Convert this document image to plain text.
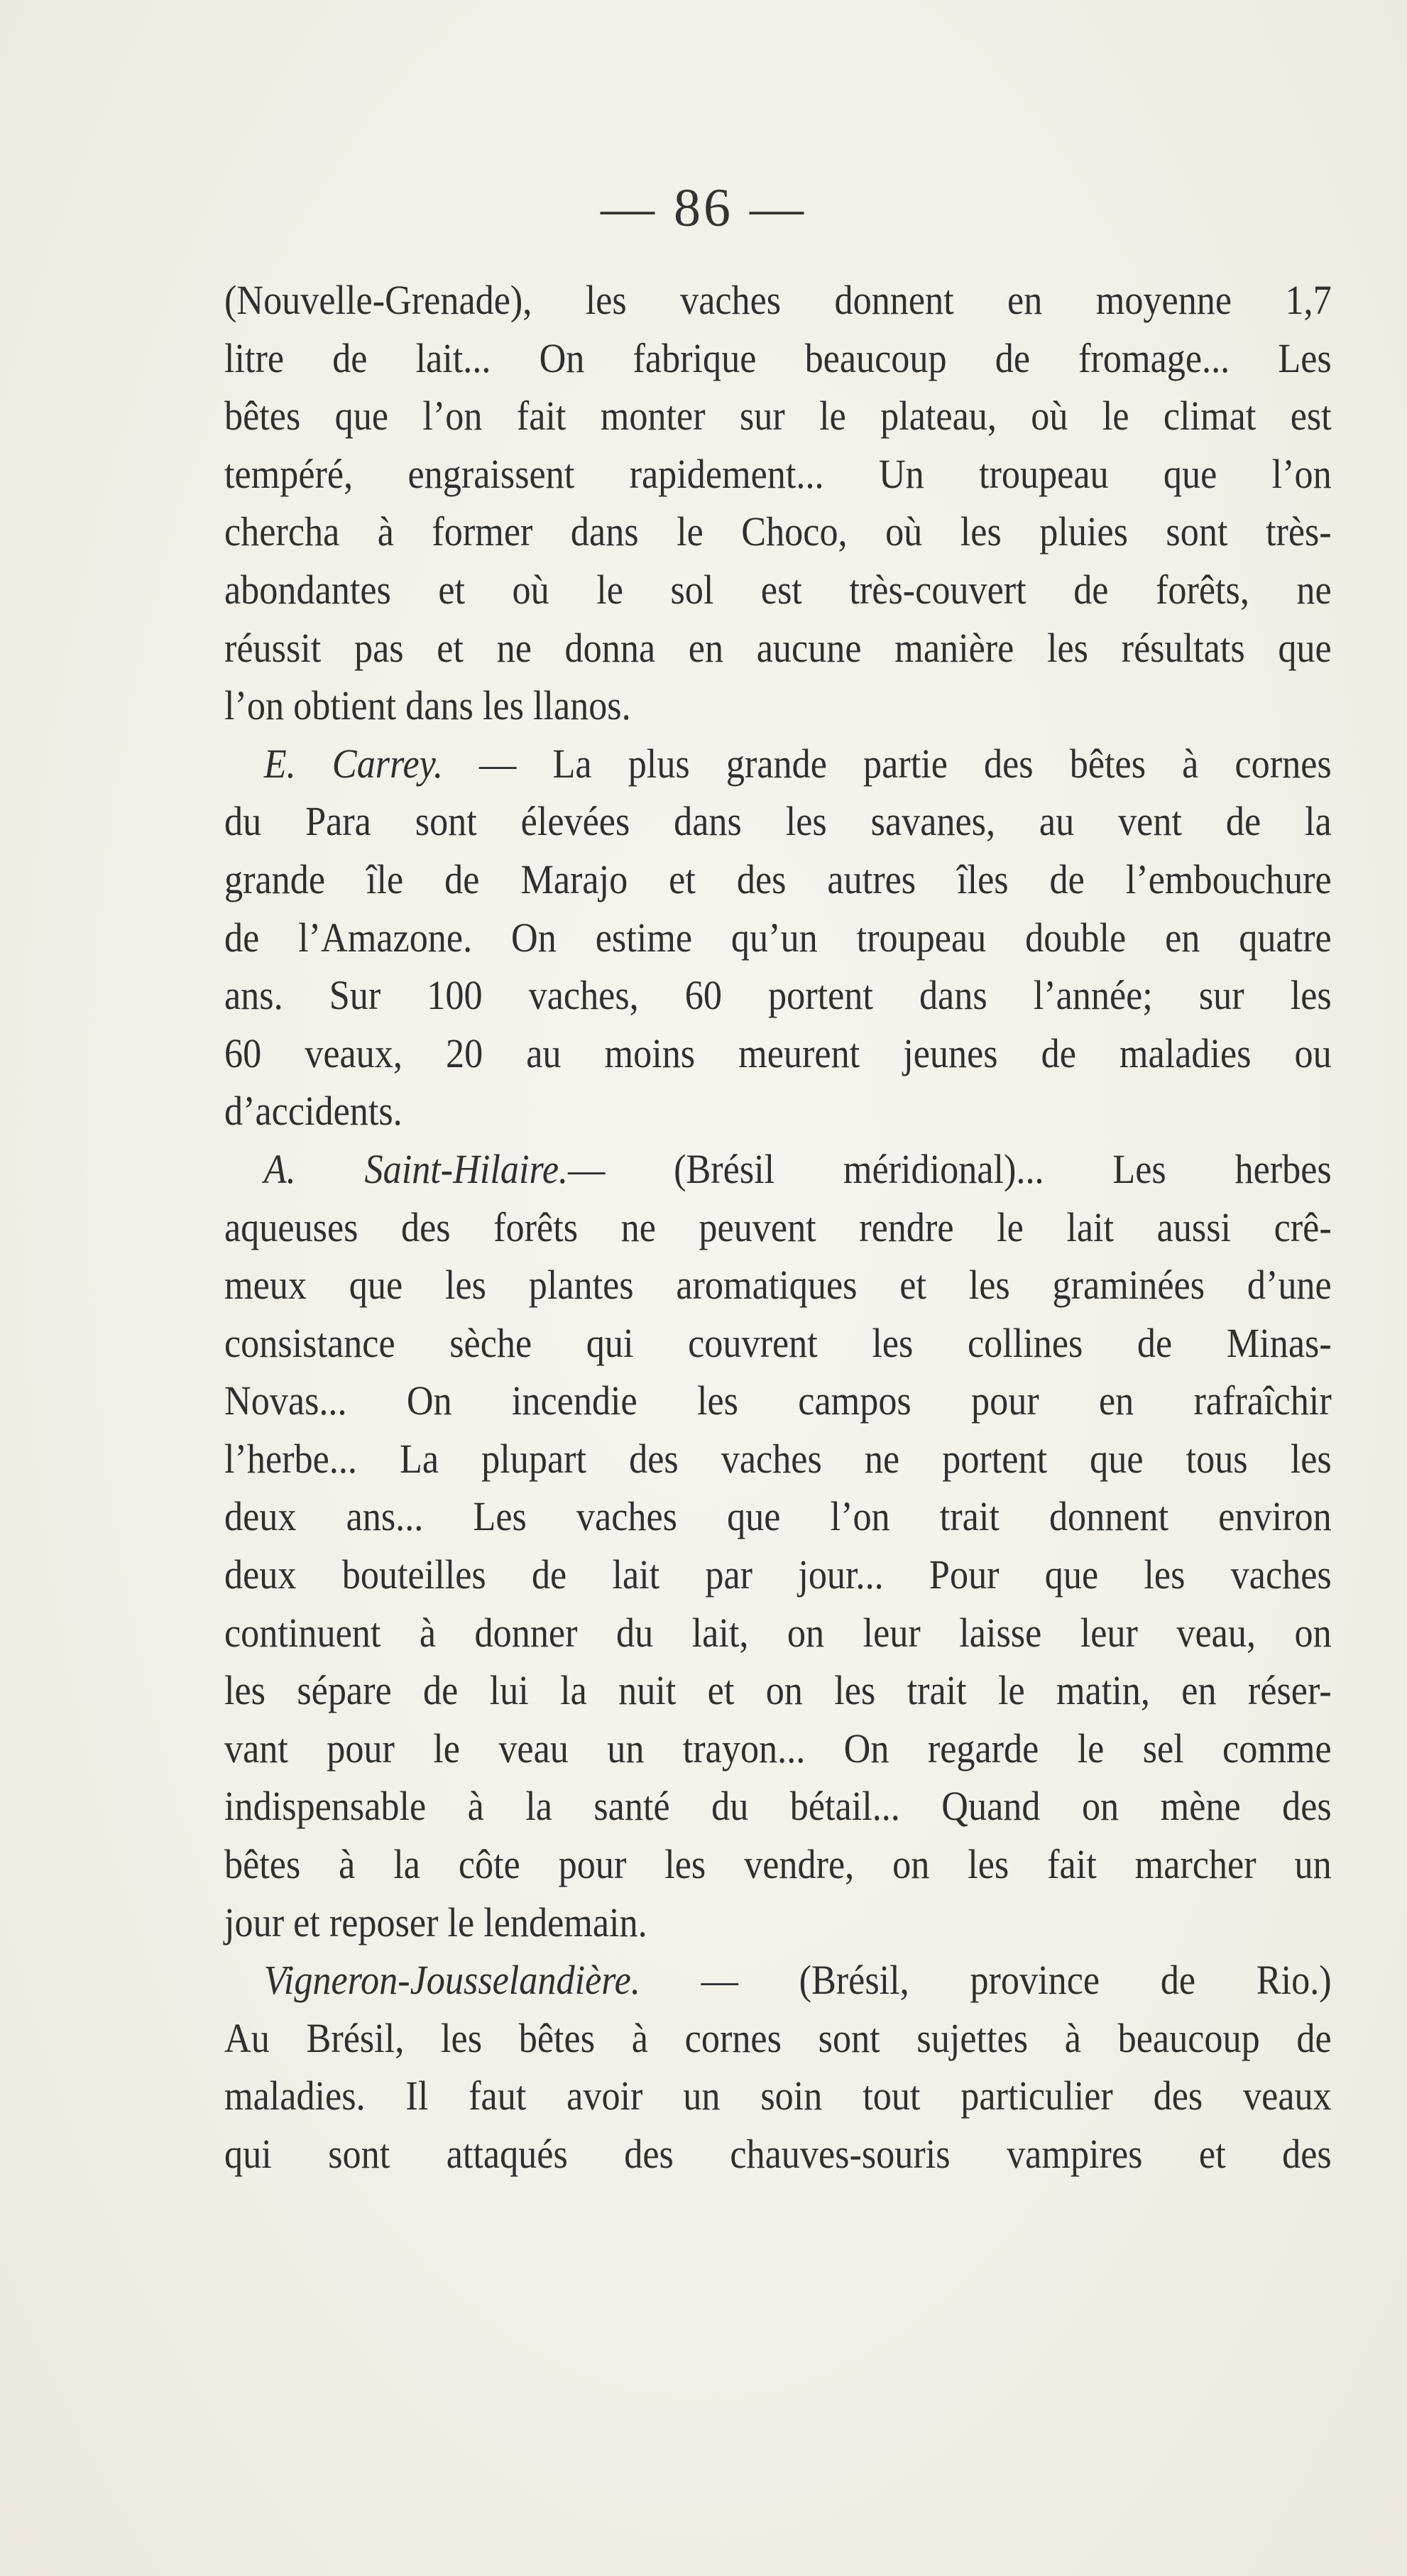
— 86 —
(Nouvelle-Grenade), les vaches donnent en moyenne 1,7
litre de lait... On fabrique beaucoup de fromage... Les
bêtes que l’on fait monter sur le plateau, où le climat est
tempéré, engraissent rapidement... Un troupeau que l’on
chercha à former dans le Choco, où les pluies sont très-
abondantes et où le sol est très-couvert de forêts, ne
réussit pas et ne donna en aucune manière les résultats que
l’on obtient dans les llanos.
E. Carrey. — La plus grande partie des bêtes à cornes
du Para sont élevées dans les savanes, au vent de la
grande île de Marajo et des autres îles de l’embouchure
de l’Amazone. On estime qu’un troupeau double en quatre
ans. Sur 100 vaches, 60 portent dans l’année; sur les
60 veaux, 20 au moins meurent jeunes de maladies ou
d’accidents.
A. Saint-Hilaire.— (Brésil méridional)... Les herbes
aqueuses des forêts ne peuvent rendre le lait aussi crê-
meux que les plantes aromatiques et les graminées d’une
consistance sèche qui couvrent les collines de Minas-
Novas... On incendie les campos pour en rafraîchir
l’herbe... La plupart des vaches ne portent que tous les
deux ans... Les vaches que l’on trait donnent environ
deux bouteilles de lait par jour... Pour que les vaches
continuent à donner du lait, on leur laisse leur veau, on
les sépare de lui la nuit et on les trait le matin, en réser-
vant pour le veau un trayon... On regarde le sel comme
indispensable à la santé du bétail... Quand on mène des
bêtes à la côte pour les vendre, on les fait marcher un
jour et reposer le lendemain.
Vigneron-Jousselandière. — (Brésil, province de Rio.)
Au Brésil, les bêtes à cornes sont sujettes à beaucoup de
maladies. Il faut avoir un soin tout particulier des veaux
qui sont attaqués des chauves-souris vampires et des
